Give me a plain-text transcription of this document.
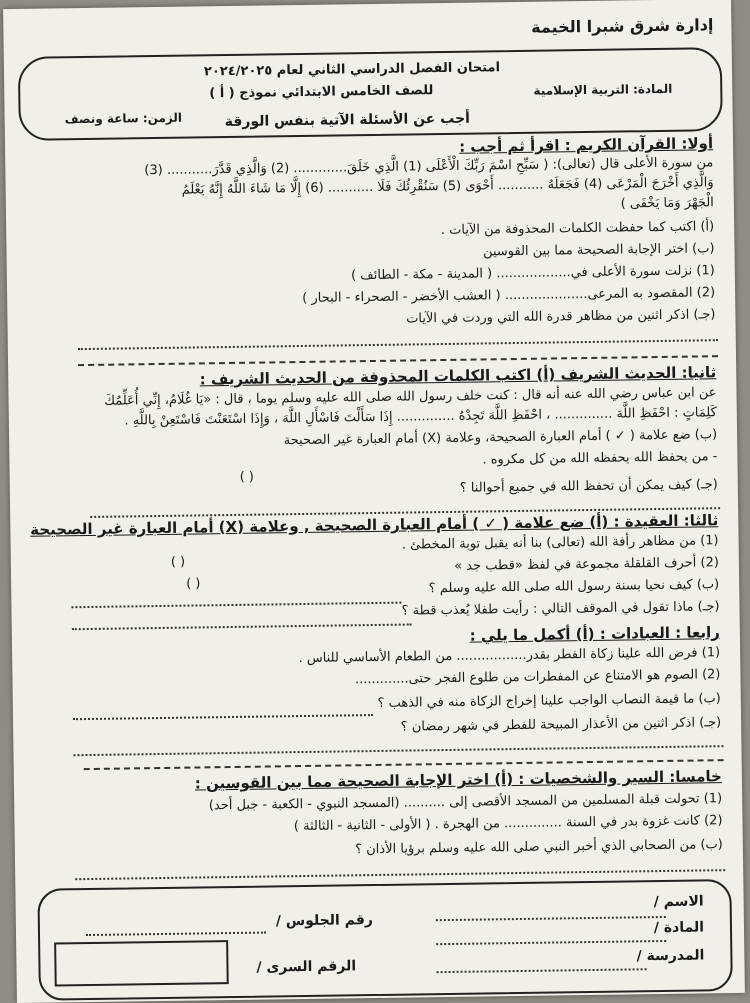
إدارة شرق شبرا الخيمة
امتحان الفصل الدراسي الثاني لعام ٢٠٢٤/٢٠٢٥
للصف الخامس الابتدائي نموذج ( أ )	المادة: التربية الإسلامية
الزمن: ساعة ونصف	أجب عن الأسئلة الآتية بنفس الورقة
أولا: القرآن الكريم : اقرأ ثم أجب :
من سورة الأعلى قال (تعالى): ( سَبِّحِ اسْمَ رَبِّكَ الْأَعْلَى (1) الَّذِي خَلَقَ............. (2) وَالَّذِي قَدَّرَ........... (3)
وَالَّذِي أَخْرَجَ الْمَرْعَى (4) فَجَعَلَهُ ........... أَحْوَى (5) سَنُقْرِئُكَ فَلَا ........... (6) إِلَّا مَا شَاءَ اللَّهُ إِنَّهُ يَعْلَمُ
الْجَهْرَ وَمَا يَخْفَى )
(أ) اكتب كما حفظت الكلمات المحذوفة من الآيات .
(ب) اختر الإجابة الصحيحة مما بين القوسين
(1) نزلت سورة الأعلى في.................. ( المدينة - مكة - الطائف )
(2) المقصود به المرعى.................... ( العشب الأخضر - الصحراء - البحار )
(جـ) اذكر اثنين من مظاهر قدرة الله التي وردت في الآيات
ثانيا: الحديث الشريف (أ) اكتب الكلمات المحذوفة من الحديث الشريف :
عن ابن عباس رضي الله عنه أنه قال : كنت خلف رسول الله صلى الله عليه وسلم يوما ، قال : «يَا غُلَامُ، إِنِّي أُعَلِّمُكَ
كَلِمَاتٍ : احْفَظِ اللَّهَ .............. ، احْفَظِ اللَّهَ تَجِدْهُ .............. إِذَا سَأَلْتَ فَاسْأَلِ اللَّهَ ، وَإِذَا اسْتَعَنْتَ فَاسْتَعِنْ بِاللَّهِ .
(ب) ضع علامة ( ✓ ) أمام العبارة الصحيحة، وعلامة (X) أمام العبارة غير الصحيحة
- من يحفظ الله يحفظه الله من كل مكروه .
( )	(جـ) كيف يمكن أن تحفظ الله في جميع أحوالنا ؟
ثالثا: العقيدة : (أ) ضع علامة ( ✓ ) أمام العبارة الصحيحة , وعلامة (X) أمام العبارة غير الصحيحة
(1) من مظاهر رأفة الله (تعالى) بنا أنه يقبل توبة المخطئ .
( )	(2) أحرف القلقلة مجموعة في لفظ «قطب جد »
( )	(ب) كيف نحيا بسنة رسول الله صلى الله عليه وسلم ؟
(جـ) ماذا تقول في الموقف التالي : رأيت طفلا يُعذب قطة ؟
رابعا : العبادات : (أ) أكمل ما يلي :
(1) فرض الله علينا زكاة الفطر بقدر................. من الطعام الأساسي للناس .
(2) الصوم هو الامتناع عن المفطرات من طلوع الفجر حتى.............
(ب) ما قيمة النصاب الواجب علينا إخراج الزكاة منه في الذهب ؟
(جـ) اذكر اثنين من الأعذار المبيحة للفطر في شهر رمضان ؟
خامسا: السير والشخصيات : (أ) اختر الإجابة الصحيحة مما بين القوسين :
(1) تحولت قبلة المسلمين من المسجد الأقصى إلى .......... (المسجد النبوي - الكعبة - جبل أحد)
(2) كانت غزوة بدر في السنة .............. من الهجرة . ( الأولى - الثانية - الثالثة )
(ب) من الصحابي الذي أخبر النبي صلى الله عليه وسلم برؤيا الأذان ؟
الاسم /
المادة /
المدرسة /
رقم الجلوس /
الرقم السرى /
